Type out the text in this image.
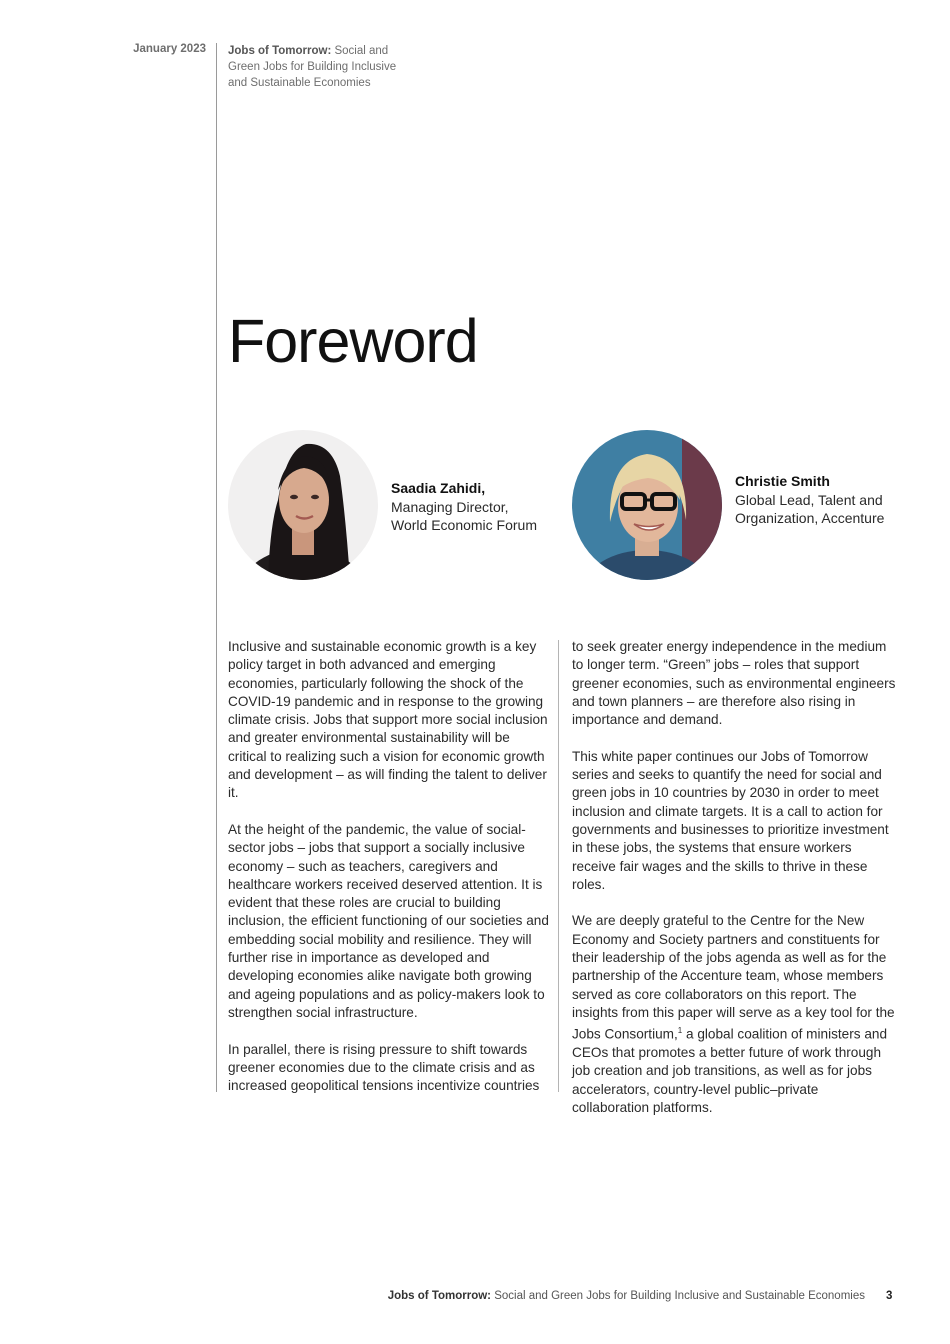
January 2023 Jobs of Tomorrow: Social and Green Jobs for Building Inclusive and Sustainable Economies
Foreword
Saadia Zahidi,
Managing Director,
World Economic Forum
Christie Smith
Global Lead, Talent and
Organization, Accenture

Inclusive and sustainable economic growth is a key policy target in both advanced and emerging economies, particularly following the shock of the COVID-19 pandemic and in response to the growing climate crisis. Jobs that support more social inclusion and greater environmental sustainability will be critical to realizing such a vision for economic growth and development – as will finding the talent to deliver it.

At the height of the pandemic, the value of social-sector jobs – jobs that support a socially inclusive economy – such as teachers, caregivers and healthcare workers received deserved attention. It is evident that these roles are crucial to building inclusion, the efficient functioning of our societies and embedding social mobility and resilience. They will further rise in importance as developed and developing economies alike navigate both growing and ageing populations and as policy-makers look to strengthen social infrastructure.

In parallel, there is rising pressure to shift towards greener economies due to the climate crisis and as increased geopolitical tensions incentivize countries

to seek greater energy independence in the medium to longer term. “Green” jobs – roles that support greener economies, such as environmental engineers and town planners – are therefore also rising in importance and demand.

This white paper continues our Jobs of Tomorrow series and seeks to quantify the need for social and green jobs in 10 countries by 2030 in order to meet inclusion and climate targets. It is a call to action for governments and businesses to prioritize investment in these jobs, the systems that ensure workers receive fair wages and the skills to thrive in these roles.

We are deeply grateful to the Centre for the New Economy and Society partners and constituents for their leadership of the jobs agenda as well as for the partnership of the Accenture team, whose members served as core collaborators on this report. The insights from this paper will serve as a key tool for the Jobs Consortium,$^1$ a global coalition of ministers and CEOs that promotes a better future of work through job creation and job transitions, as well as for jobs accelerators, country-level public–private collaboration platforms.

Jobs of Tomorrow: Social and Green Jobs for Building Inclusive and Sustainable Economies 3
